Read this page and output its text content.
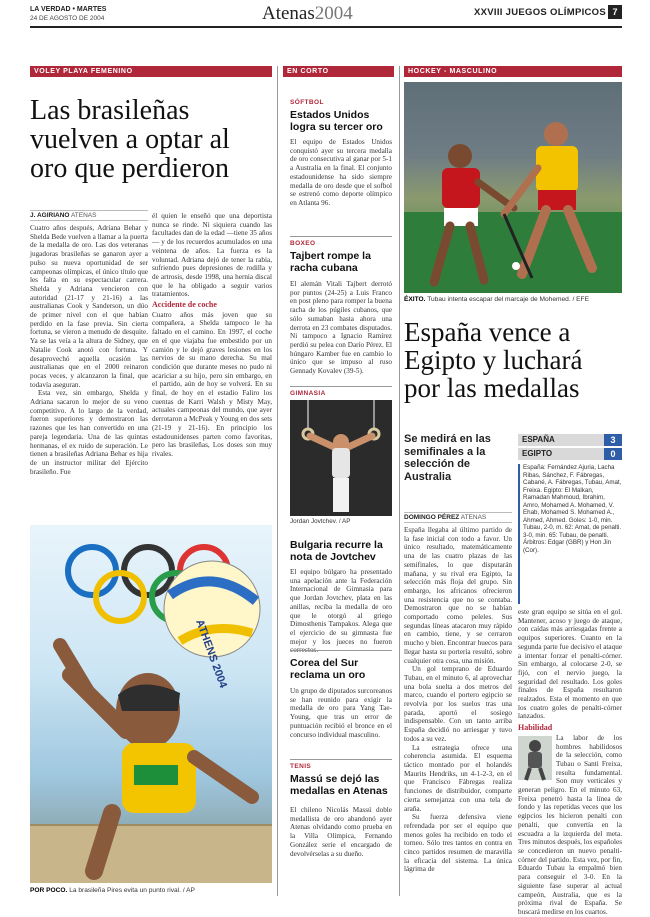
LA VERDAD • MARTES
24 DE AGOSTO DE 2004	Atenas2004	XXVIII JUEGOS OLÍMPICOS 7
VOLEY PLAYA FEMENINO
Las brasileñas vuelven a optar al oro que perdieron
J. AGIRIANO ATENAS

Cuatro años después, Adriana Behar y Shelda Bede vuelven a llamar a la puerta de la medalla de oro. Las dos veteranas jugadoras brasileñas se ganaron ayer a pulso su nueva oportunidad de ser campeonas olímpicas, el único título que les falta en su espectacular carrera. Shelda y Adriana vencieron con autoridad (21-17 y 21-16) a las australianas Cook y Sanderson, un dúo de primer nivel con el que habían perdido en la fase previa. Sin cierta fortuna, se vieron a menudo de desquite. Ya se las veía a la altura de Sidney, que Natalie Cook anotó con fortuna. Y desaprovechó aquella ocasión las australianas que en el 2000 reinaron pocas veces, y alcanzaron la final, que todavía aseguran.

Esta vez, sin embargo, Shelda y Adriana sacaron lo mejor de su veno competitivo. A lo largo de la verdad, fueron superiores y demostraron las razones que les han convertido en una pareja legendaria. Una de las quintas hermanas, el ex ruido de superación. Le tienen a brasileñas Adriana Behar es hija de un instructor militar del Ejército brasileño. Fue

él quien le enseñó que una deportista nunca se rinde. Ni siquiera cuando las facultades dan de la edad —tiene 35 años— y de los recuerdos acumulados en una veintena de años. La fuerza es la voluntad. Adriana dejó de tener la rabia, sufriendo pues depresiones de rodilla y de artrosis, desde 1998, una hernia discal que le ha obligado a seguir varios tratamientos.

Accidente de coche

Cuatro años más joven que su compañera, a Shelda tampoco le ha faltado en el camino. En 1997, el coche en el que viajaba fue embestido por un camión y le dejó graves lesiones en los nervios de su mano derecha. Su mal condición que durante meses no pudo ni acariciar a su hijo, pero sin embargo, en el partido, aún de hoy se volverá. En su final, de hoy en el estadio Faliro los cuentas de Karri Walsh y Misty May, actuales campeonas del mundo, que ayer derrotaron a McPeak y Young en dos sets (21-19 y 21-16). En principio los estadounidenses parten como favoritas, pero las brasileñas, Los doses son muy rivales.

ATHENS 2004
POR POCO. La brasileña Pires evita un punto rival. / AP
EN CORTO
SÓFTBOL
Estados Unidos logra su tercer oro
El equipo de Estados Unidos conquistó ayer su tercera medalla de oro consecutiva al ganar por 5-1 a Australia en la final. El conjunto estadounidense ha sido siempre medalla de oro desde que el sofbol se estrenó como deporte olímpico en Atlanta 96.
BOXEO
Tajbert rompe la racha cubana
El alemán Vitali Tajbert derrotó por puntos (24-25) a Luis Franco en post pleno para romper la buena racha de los púgiles cubanos, que sólo sumaban hasta ahora una derrota en 23 combates disputados. Ni tampoco a Ignacio Ramírez perdió su pelea con Darío Pérez. El húngaro Kamber fue en cambio lo único que se impuso al ruso Gennady Kovalev (39-5).
GIMNASIA
Jordan Jovtchev. / AP
Bulgaria recurre la nota de Jovtchev
El equipo búlgaro ha presentado una apelación ante la Federación Internacional de Gimnasia para que Jordan Jovtchev, plata en las anillas, reciba la medalla de oro que le otorgó al griego Dimosthenis Tampakos. Alega que el ejercicio de su gimnasta fue mejor y los jueces no fueron
Corea del Sur reclama un oro
Un grupo de diputados surcoreanos se han reunido para exigir la medalla de oro para Yang Tae-Young, que tras un error de puntuación recibió el bronce en el concurso individual masculino.
TENIS
Massú se dejó las medallas en Atenas
El chileno Nicolás Massú doble medallista de oro abandonó ayer Atenas olvidando como prueba en la Villa Olímpica, Fernando González serie el encargado de devolvérselas a su dueño.
HOCKEY - MASCULINO
ÉXITO. Tubau intenta escapar del marcaje de Mohemed. / EFE
España vence a Egipto y luchará por las medallas
Se medirá en las semifinales a la selección de Australia
ESPAÑA	3
EGIPTO	0
España: Fernández Ajuria, Lacha Ribas, Sánchez, F. Fábregas, Cabané, A. Fábregas, Tubau, Amat, Freixa. Egipto: El Malkan, Ramadan Mahmoud, Ibrahim, Amro, Mohamed A. Mohamed, V. Ehab, Mohamed S. Mohamed A., Ahmed, Ahmed. Goles: 1-0, min. Tubau, 2-0, m. 62: Amat, de penalti. 3-0, min. 65: Tubau, de penalti. Árbitros: Edgar (GBR) y Hon Jin (Cor).
DOMINGO PÉREZ ATENAS

España llegaba al último partido de la fase inicial con todo a favor. Un único resultado, matemáticamente una de las cuatro plazas de las semifinales, lo que disputarán mañana, y su rival era Egipto, la selección más floja del grupo. Sin embargo, los africanos ofrecieron una resistencia que no se contaba. Demostraron que no se habían comportado como peleles. Sus segundas líneas atacaron muy rápido en cambio, tiene, y se cerraron mucho y bien. Encontrar huecos para llegar hasta su portería resultó, sobre cualquier otra cosa, una misión.

Un gol temprano de Eduardo Tubau, en el minuto 6, al aprovechar una bola suelta a dos metros del marco, cuando el portero egipcio se revolvía por los suelos tras una parada, aportó el sosiego indispensable. Con un tanto arriba España decidió no arriesgar y tuvo todos a su vez.

La estrategia ofrece una coherencia asumida. El esquema táctico montado por el holandés Maurits Hendriks, un 4-1-2-3, en el que Francisco Fábregas realiza funciones de distribuidor, comparte cierta semejanza con una tela de araña.

Su fuerza defensiva viene refrendada por ser el equipo que menos goles ha recibido en todo el torneo. Sólo tres tantos en contra en cinco partidos resumen de maravilla la eficacia del sistema. La única lágrima de

este gran equipo se sitúa en el gol. Mantener, acoso y juego de ataque, con caídas más arriesgadas frente a equipos superiores. Cuanto en la segunda parte fue decisivo el ataque a intentar forzar el penalti-córner. Sin embargo, al colocarse 2-0, se fijó, con el nervio juego, la seguridad del resultado. Los goles finales de España resultaron realzados. Esta el momento en que los cuatro goles de penalti-córner lanzados.

Habilidad

La labor de los hombres habilidosos de la selección, como Tubau o Santi Freixa, resulta fundamental. Son muy verticales y generan peligro. En el minuto 63, Freixa penetró hasta la línea de fondo y las repetidas veces que los egipcios les hicieron penalti con penalti, que convertía en la escuadra a la izquierda del meta. Tres minutos después, los españoles se concedieron un nuevo penalti-córner del partido. Esta vez, por fin, Eduardo Tubau la empalmó bien para conseguir el 3-0. En la siguiente fase superar al actual campeón, Australia, que es la próxima rival de España. Se buscará medirse en los cuartos.
